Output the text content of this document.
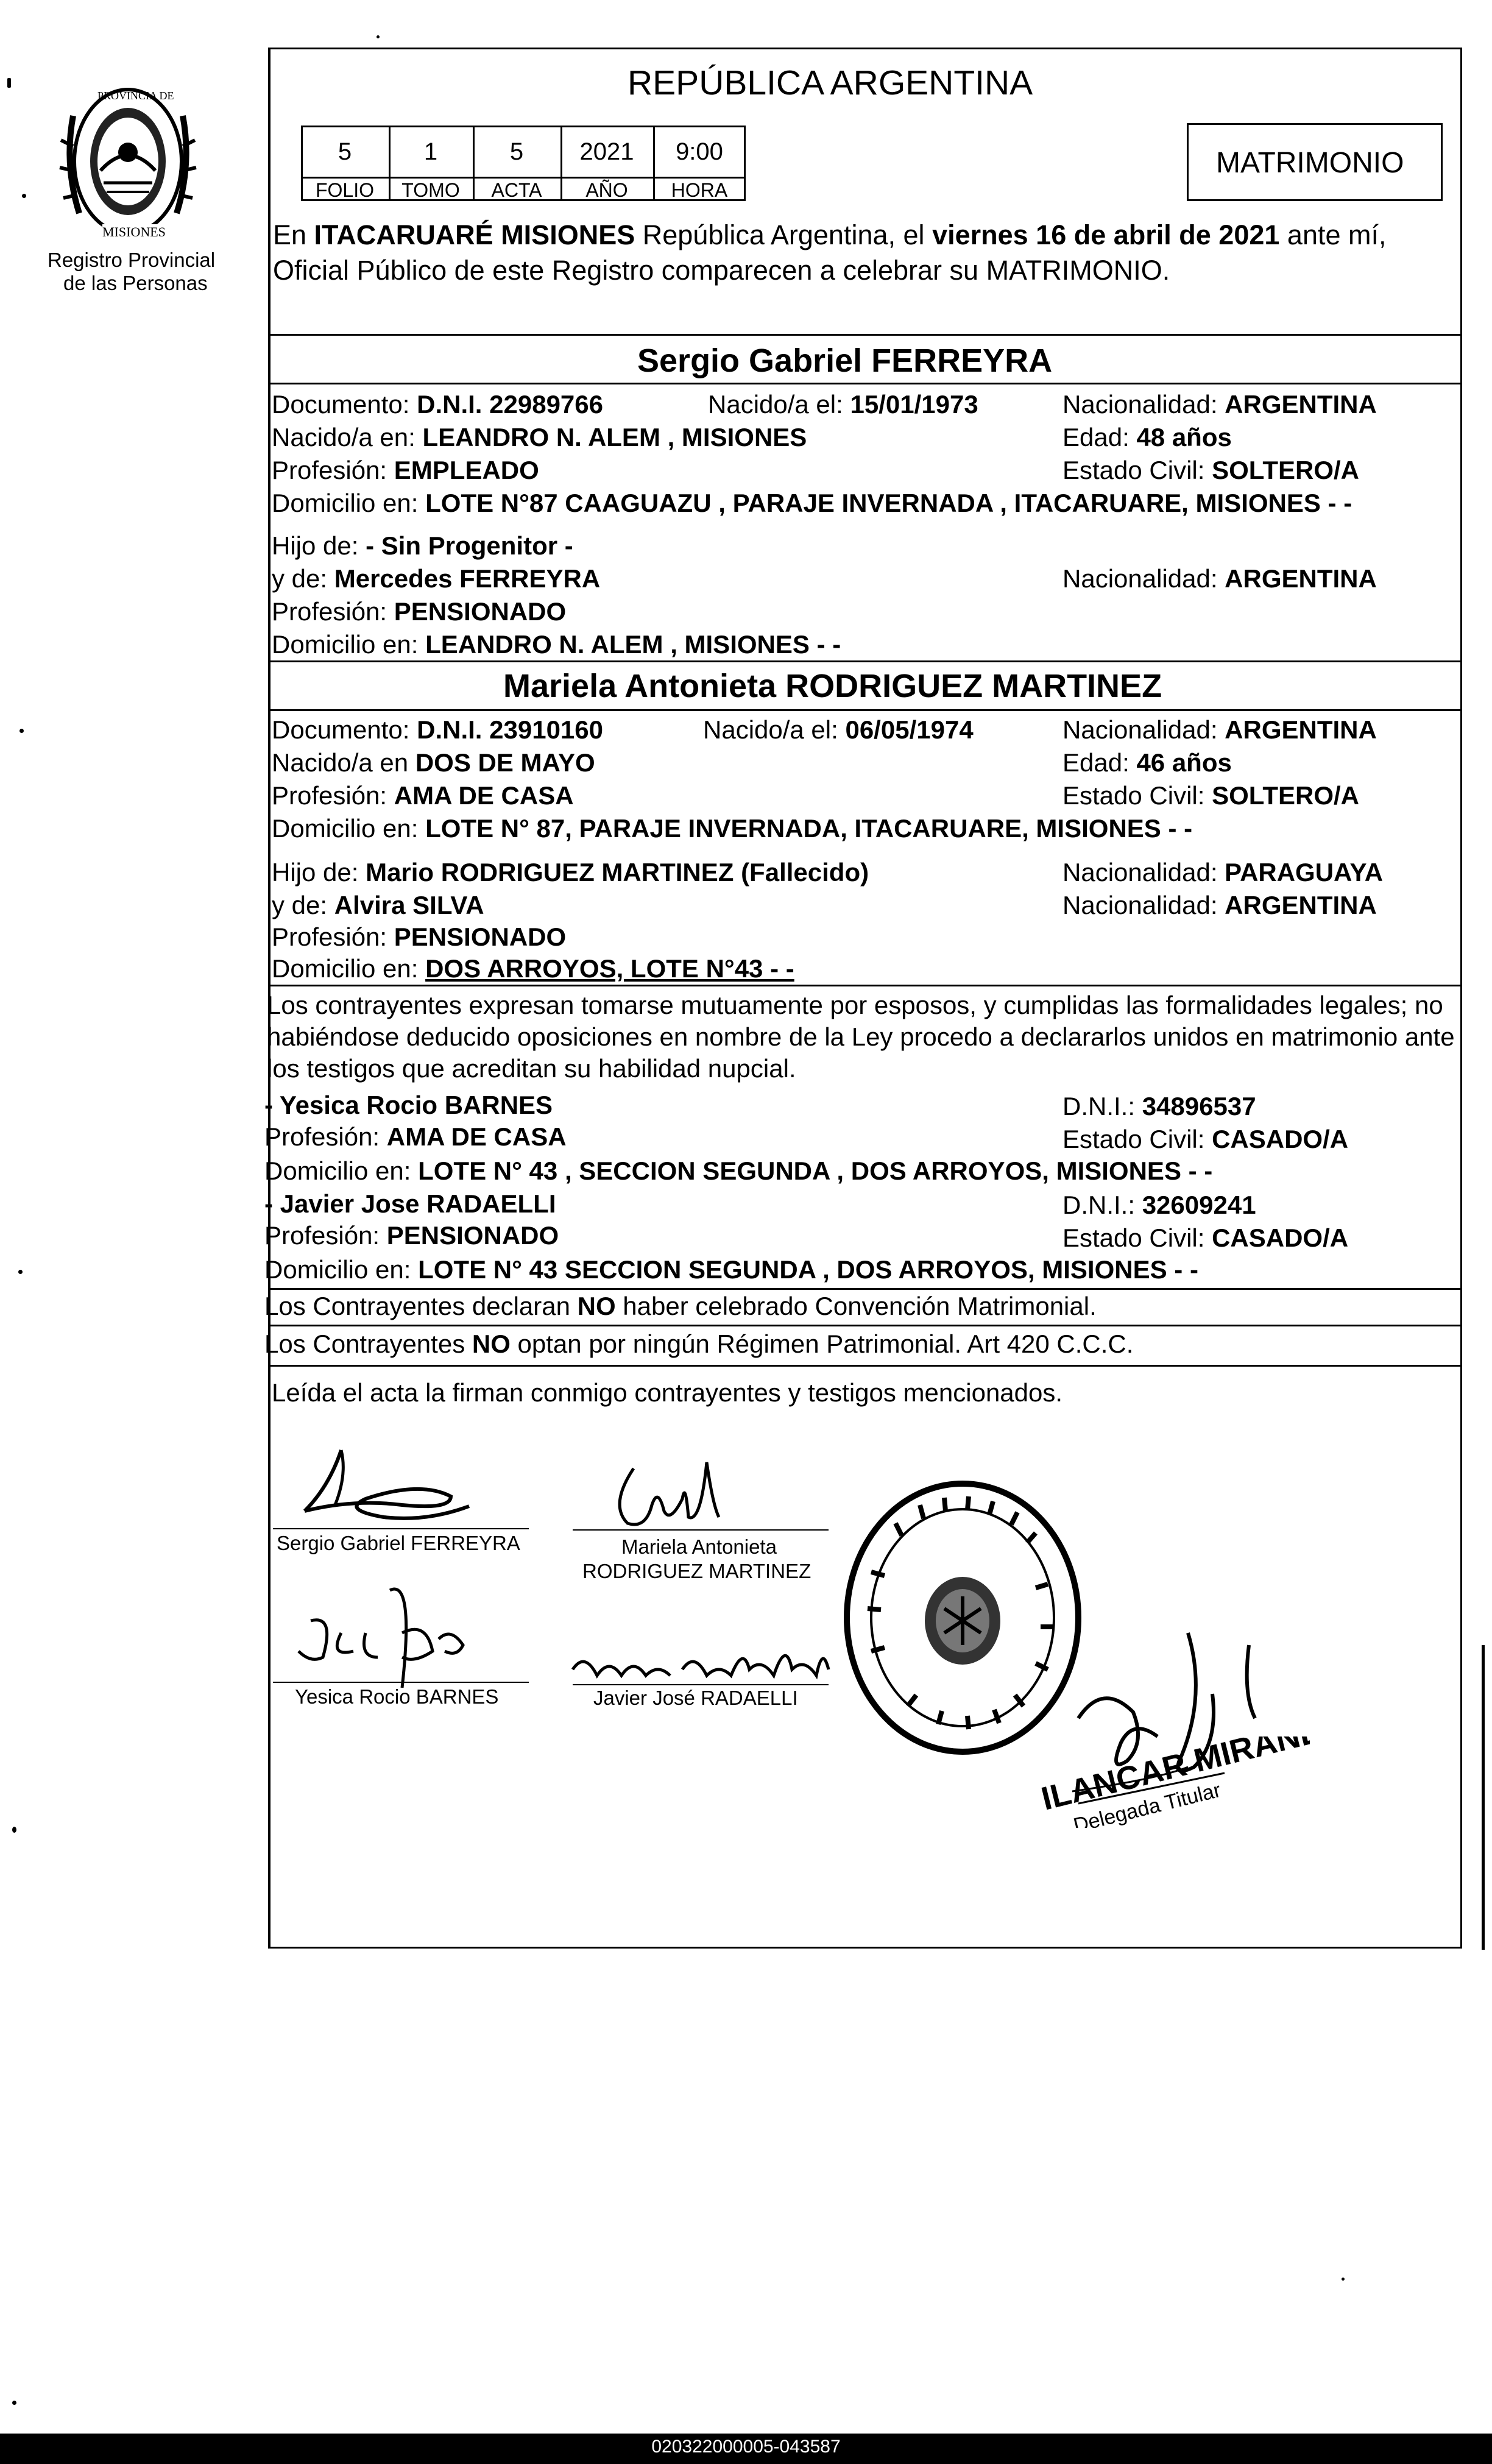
PROVINCIA DE
MISIONES
Registro Provincial
de las Personas
REPÚBLICA ARGENTINA
MATRIMONIO
5	1	5	2021	9:00
FOLIO	TOMO	ACTA	AÑO	HORA
En ITACARUARÉ MISIONES República Argentina, el viernes 16 de abril de 2021 ante mí,
Oficial Público de este Registro comparecen a celebrar su MATRIMONIO.
Sergio Gabriel FERREYRA
Documento: D.N.I. 22989766	Nacido/a el: 15/01/1973	Nacionalidad: ARGENTINA
Nacido/a en: LEANDRO N. ALEM , MISIONES	Edad: 48 años
Profesión: EMPLEADO	Estado Civil: SOLTERO/A
Domicilio en: LOTE N°87 CAAGUAZU , PARAJE INVERNADA , ITACARUARE, MISIONES - -
Hijo de: - Sin Progenitor -
y de: Mercedes FERREYRA	Nacionalidad: ARGENTINA
Profesión: PENSIONADO
Domicilio en: LEANDRO N. ALEM , MISIONES - -
Mariela Antonieta RODRIGUEZ MARTINEZ
Documento: D.N.I. 23910160	Nacido/a el: 06/05/1974	Nacionalidad: ARGENTINA
Nacido/a en DOS DE MAYO	Edad: 46 años
Profesión: AMA DE CASA	Estado Civil: SOLTERO/A
Domicilio en: LOTE N° 87, PARAJE INVERNADA, ITACARUARE, MISIONES - -
Hijo de: Mario RODRIGUEZ MARTINEZ (Fallecido)	Nacionalidad: PARAGUAYA
y de: Alvira SILVA	Nacionalidad: ARGENTINA
Profesión: PENSIONADO
Domicilio en: DOS ARROYOS, LOTE N°43 - -
Los contrayentes expresan tomarse mutuamente por esposos, y cumplidas las formalidades legales; no
habiéndose deducido oposiciones en nombre de la Ley procedo a declararlos unidos en matrimonio ante
los testigos que acreditan su habilidad nupcial.
- Yesica Rocio BARNES	D.N.I.: 34896537
Profesión: AMA DE CASA	Estado Civil: CASADO/A
Domicilio en: LOTE N° 43 , SECCION SEGUNDA , DOS ARROYOS, MISIONES - -
- Javier Jose RADAELLI	D.N.I.: 32609241
Profesión: PENSIONADO	Estado Civil: CASADO/A
Domicilio en: LOTE N° 43 SECCION SEGUNDA , DOS ARROYOS, MISIONES - -
Los Contrayentes declaran NO haber celebrado Convención Matrimonial.
Los Contrayentes NO optan por ningún Régimen Patrimonial. Art 420 C.C.C.
Leída el acta la firman conmigo contrayentes y testigos mencionados.
Sergio Gabriel FERREYRA	Mariela Antonieta
RODRIGUEZ MARTINEZ
Yesica Rocio BARNES	Javier José RADAELLI
ILANCAR MIRANDA
Delegada Titular
020322000005-043587
